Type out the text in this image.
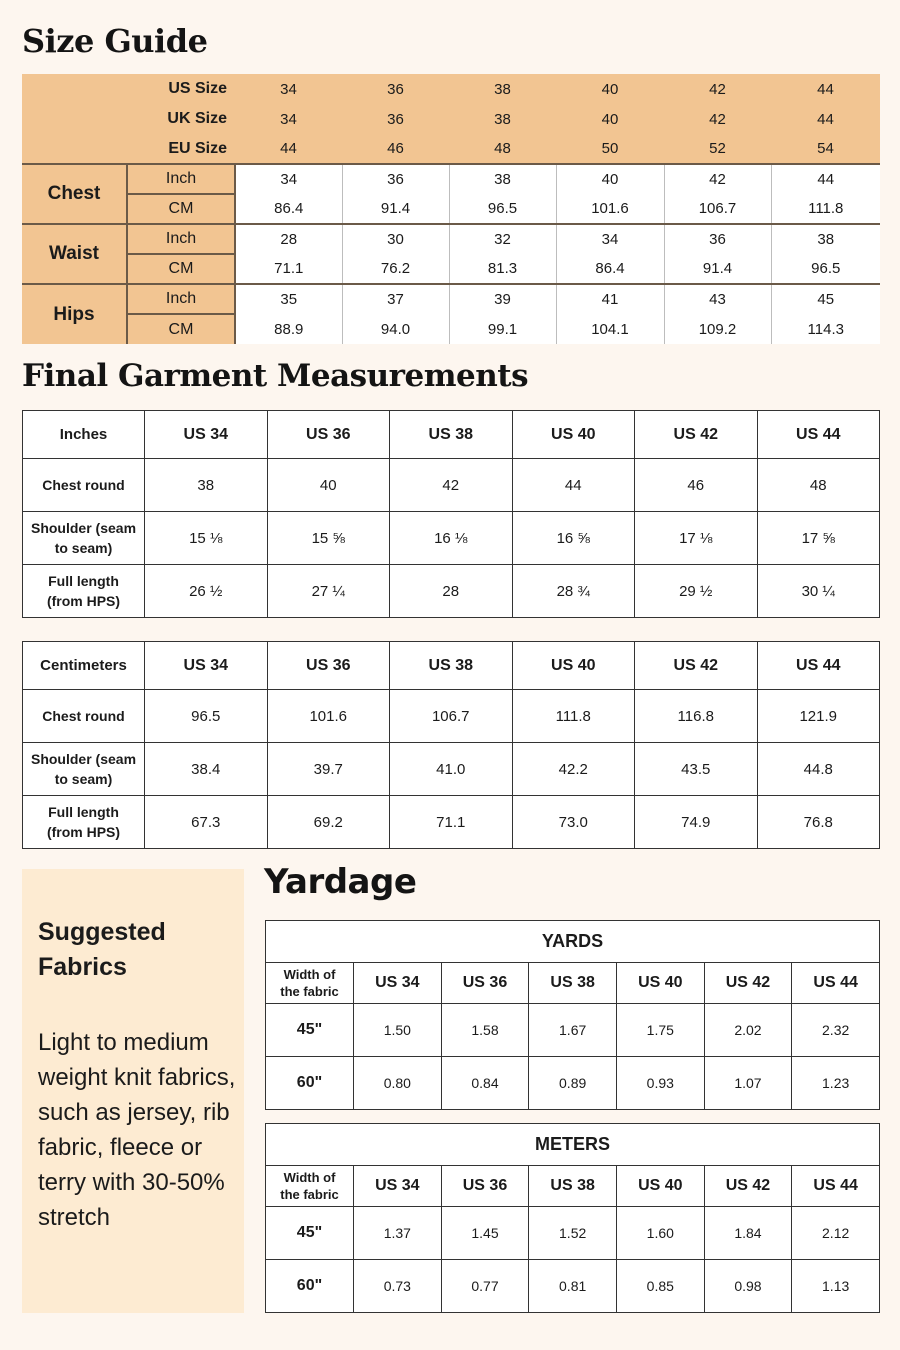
Size Guide
US Size		34	36	38	40	42	44
UK Size		34	36	38	40	42	44
EU Size		44	46	48	50	52	54
Chest	Inch	34	36	38	40	42	44
	CM	86.4	91.4	96.5	101.6	106.7	111.8
Waist	Inch	28	30	32	34	36	38
	CM	71.1	76.2	81.3	86.4	91.4	96.5
Hips	Inch	35	37	39	41	43	45
	CM	88.9	94.0	99.1	104.1	109.2	114.3
Final Garment Measurements
Inches	US 34	US 36	US 38	US 40	US 42	US 44
Chest round	38	40	42	44	46	48
Shoulder (seam to seam)	15 ⅛	15 ⅝	16 ⅛	16 ⅝	17 ⅛	17 ⅝
Full length (from HPS)	26 ½	27 ¼	28	28 ¾	29 ½	30 ¼
Centimeters	US 34	US 36	US 38	US 40	US 42	US 44
Chest round	96.5	101.6	106.7	111.8	116.8	121.9
Shoulder (seam to seam)	38.4	39.7	41.0	42.2	43.5	44.8
Full length (from HPS)	67.3	69.2	71.1	73.0	74.9	76.8
Suggested Fabrics
Light to medium weight knit fabrics, such as jersey, rib fabric, fleece or terry with 30-50% stretch
Yardage
YARDS						
Width of the fabric	US 34	US 36	US 38	US 40	US 42	US 44
45"	1.50	1.58	1.67	1.75	2.02	2.32
60"	0.80	0.84	0.89	0.93	1.07	1.23
METERS						
Width of the fabric	US 34	US 36	US 38	US 40	US 42	US 44
45"	1.37	1.45	1.52	1.60	1.84	2.12
60"	0.73	0.77	0.81	0.85	0.98	1.13
